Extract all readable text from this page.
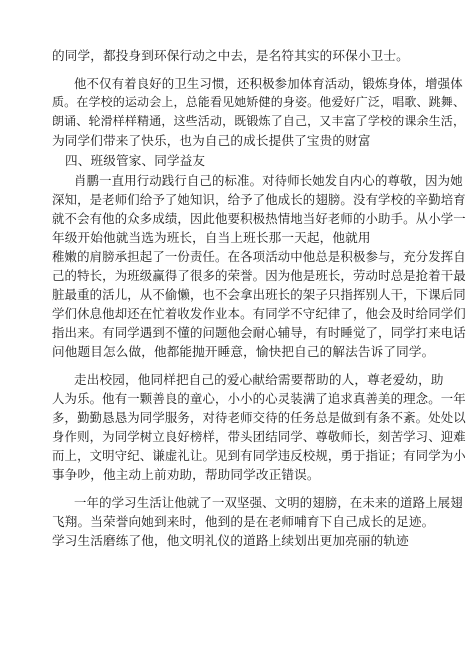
的同学，都投身到环保行动之中去，是名符其实的环保小卫士。
他不仅有着良好的卫生习惯，还积极参加体育活动，锻炼身体，增强体
质。在学校的运动会上，总能看见她矫健的身姿。他爱好广泛，唱歌、跳舞、
朗诵、轮滑样样精通，这些活动，既锻炼了自己，又丰富了学校的课余生活，
为同学们带来了快乐，也为自己的成长提供了宝贵的财富
四、班级管家、同学益友
肖鹏一直用行动践行自己的标准。对待师长她发自内心的尊敬，因为她
深知，是老师们给予了她知识，给予了他成长的翅膀。没有学校的辛勤培育
就不会有他的众多成绩，因此他要积极热情地当好老师的小助手。从小学一
年级开始他就当选为班长，自当上班长那一天起，他就用
稚嫩的肩膀承担起了一份责任。在各项活动中他总是积极参与，充分发挥自
己的特长，为班级赢得了很多的荣誉。因为他是班长，劳动时总是抢着干最
脏最重的活儿，从不偷懒，也不会拿出班长的架子只指挥别人干，下课后同
学们休息他却还在忙着收发作业本。有同学不守纪律了，他会及时给同学们
指出来。有同学遇到不懂的问题他会耐心辅导，有时睡觉了，同学打来电话
问他题目怎么做，他都能抛开睡意，愉快把自己的解法告诉了同学。
走出校园，他同样把自己的爱心献给需要帮助的人，尊老爱幼，助
人为乐。他有一颗善良的童心，小小的心灵装满了追求真善美的理念。一年
多，勤勤恳恳为同学服务，对待老师交待的任务总是做到有条不紊。处处以
身作则，为同学树立良好榜样，带头团结同学、尊敬师长，刻苦学习、迎难
而上，文明守纪、谦虚礼让。见到有同学违反校规，勇于指证；有同学为小
事争吵，他主动上前劝助，帮助同学改正错误。
一年的学习生活让他就了一双坚强、文明的翅膀，在未来的道路上展翅
飞翔。当荣誉向她到来时，他到的是在老师哺育下自己成长的足迹。
学习生活磨练了他，他文明礼仪的道路上续划出更加亮丽的轨迹
